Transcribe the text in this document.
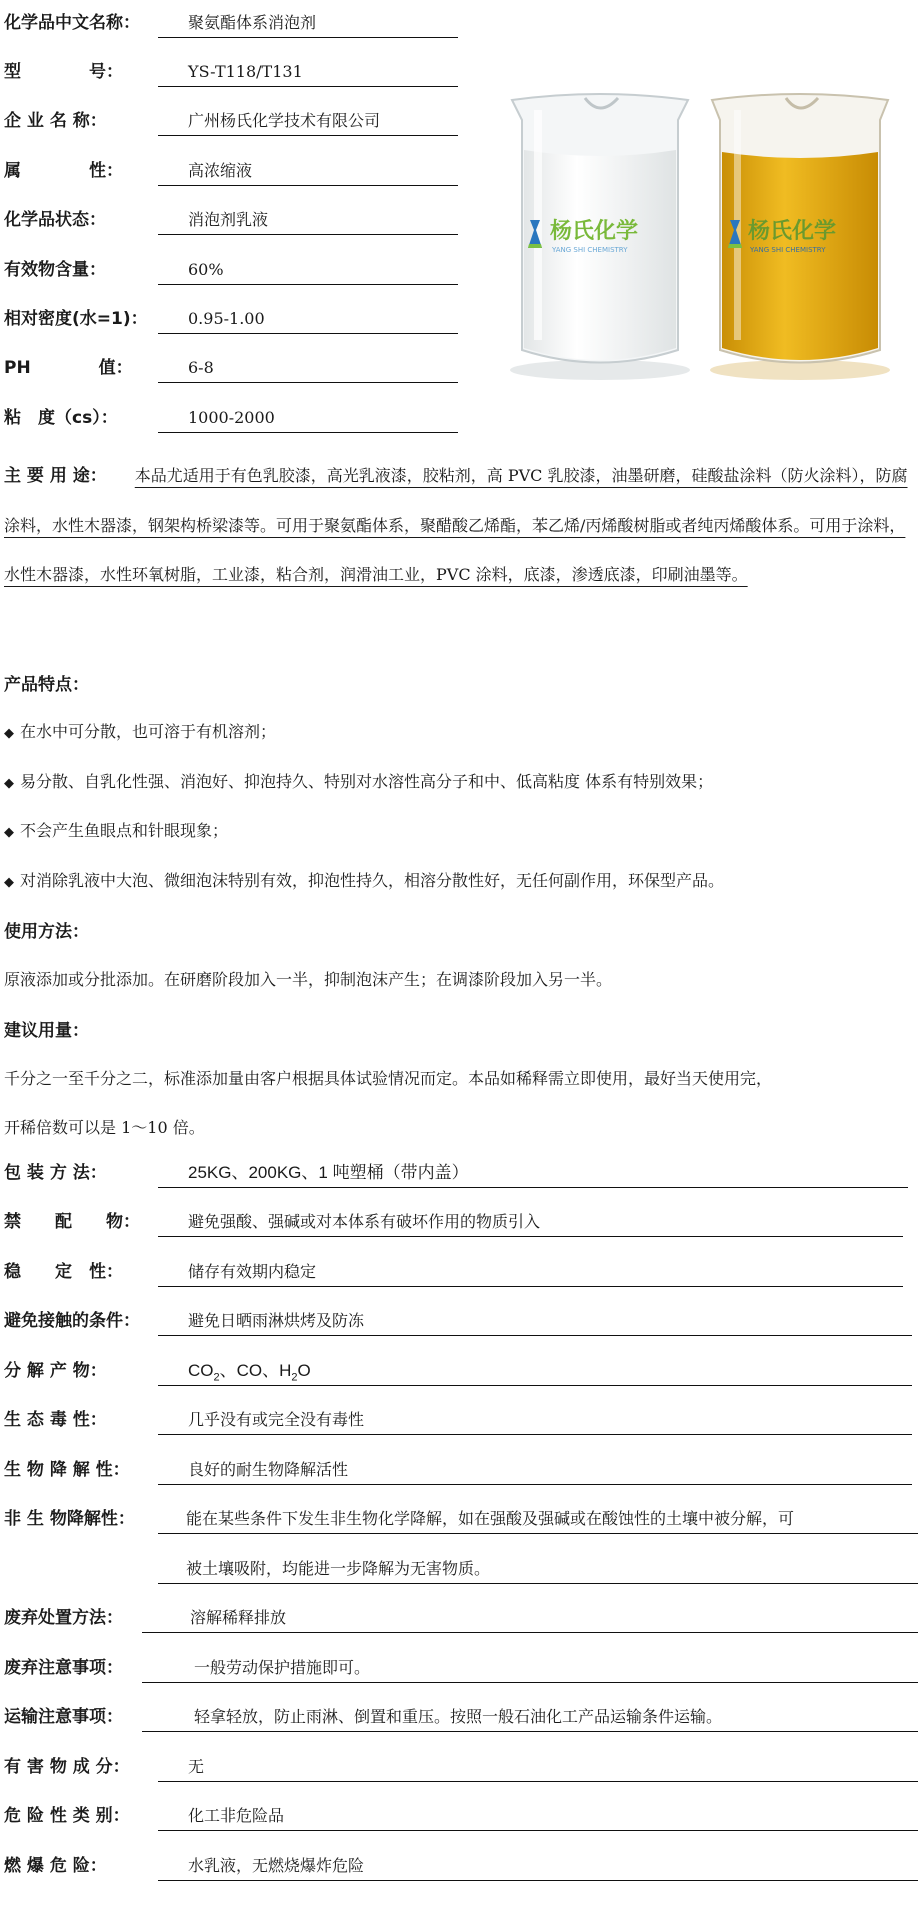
化学品中文名称：	聚氨酯体系消泡剂
型　　　　号：	YS-T118/T131
企 业 名 称：	广州杨氏化学技术有限公司
属　　　　性：	高浓缩液
化学品状态：	消泡剂乳液
有效物含量：	60%
相对密度(水=1)：	0.95-1.00
PH　　　　值：	6-8
粘　度（cs）：	1000-2000
杨氏化学
YANG SHI CHEMISTRY
杨氏化学
YANG SHI CHEMISTRY
主 要 用 途： 本品尤适用于有色乳胶漆，高光乳液漆，胶粘剂，高 PVC 乳胶漆，油墨研磨，硅酸盐涂料（防火涂料），防腐涂料，水性木器漆，钢架构桥梁漆等。可用于聚氨酯体系，聚醋酸乙烯酯，苯乙烯/丙烯酸树脂或者纯丙烯酸体系。可用于涂料，水性木器漆，水性环氧树脂，工业漆，粘合剂，润滑油工业，PVC 涂料，底漆，渗透底漆，印刷油墨等。
产品特点：
◆ 在水中可分散，也可溶于有机溶剂；
◆ 易分散、自乳化性强、消泡好、抑泡持久、特别对水溶性高分子和中、低高粘度 体系有特别效果；
◆ 不会产生鱼眼点和针眼现象；
◆ 对消除乳液中大泡、微细泡沫特别有效，抑泡性持久，相溶分散性好，无任何副作用，环保型产品。
使用方法：
原液添加或分批添加。在研磨阶段加入一半，抑制泡沫产生；在调漆阶段加入另一半。
建议用量：
千分之一至千分之二，标准添加量由客户根据具体试验情况而定。本品如稀释需立即使用，最好当天使用完，
开稀倍数可以是 1～10 倍。
包 装 方 法：	25KG、200KG、1 吨塑桶（带内盖）
禁　　配　　物：	避免强酸、强碱或对本体系有破坏作用的物质引入
稳　　定　性：	储存有效期内稳定
避免接触的条件：	避免日晒雨淋烘烤及防冻
分 解 产 物：	$CO_2$、CO、$H_2O$
生 态 毒 性：	几乎没有或完全没有毒性
生 物 降 解 性：	良好的耐生物降解活性
非 生 物降解性：	能在某些条件下发生非生物化学降解，如在强酸及强碱或在酸蚀性的土壤中被分解，可
被土壤吸附，均能进一步降解为无害物质。
废弃处置方法：	溶解稀释排放
废弃注意事项：	一般劳动保护措施即可。
运输注意事项：	轻拿轻放，防止雨淋、倒置和重压。按照一般石油化工产品运输条件运输。
有 害 物 成 分：	无
危 险 性 类 别：	化工非危险品
燃 爆 危 险：	水乳液，无燃烧爆炸危险
